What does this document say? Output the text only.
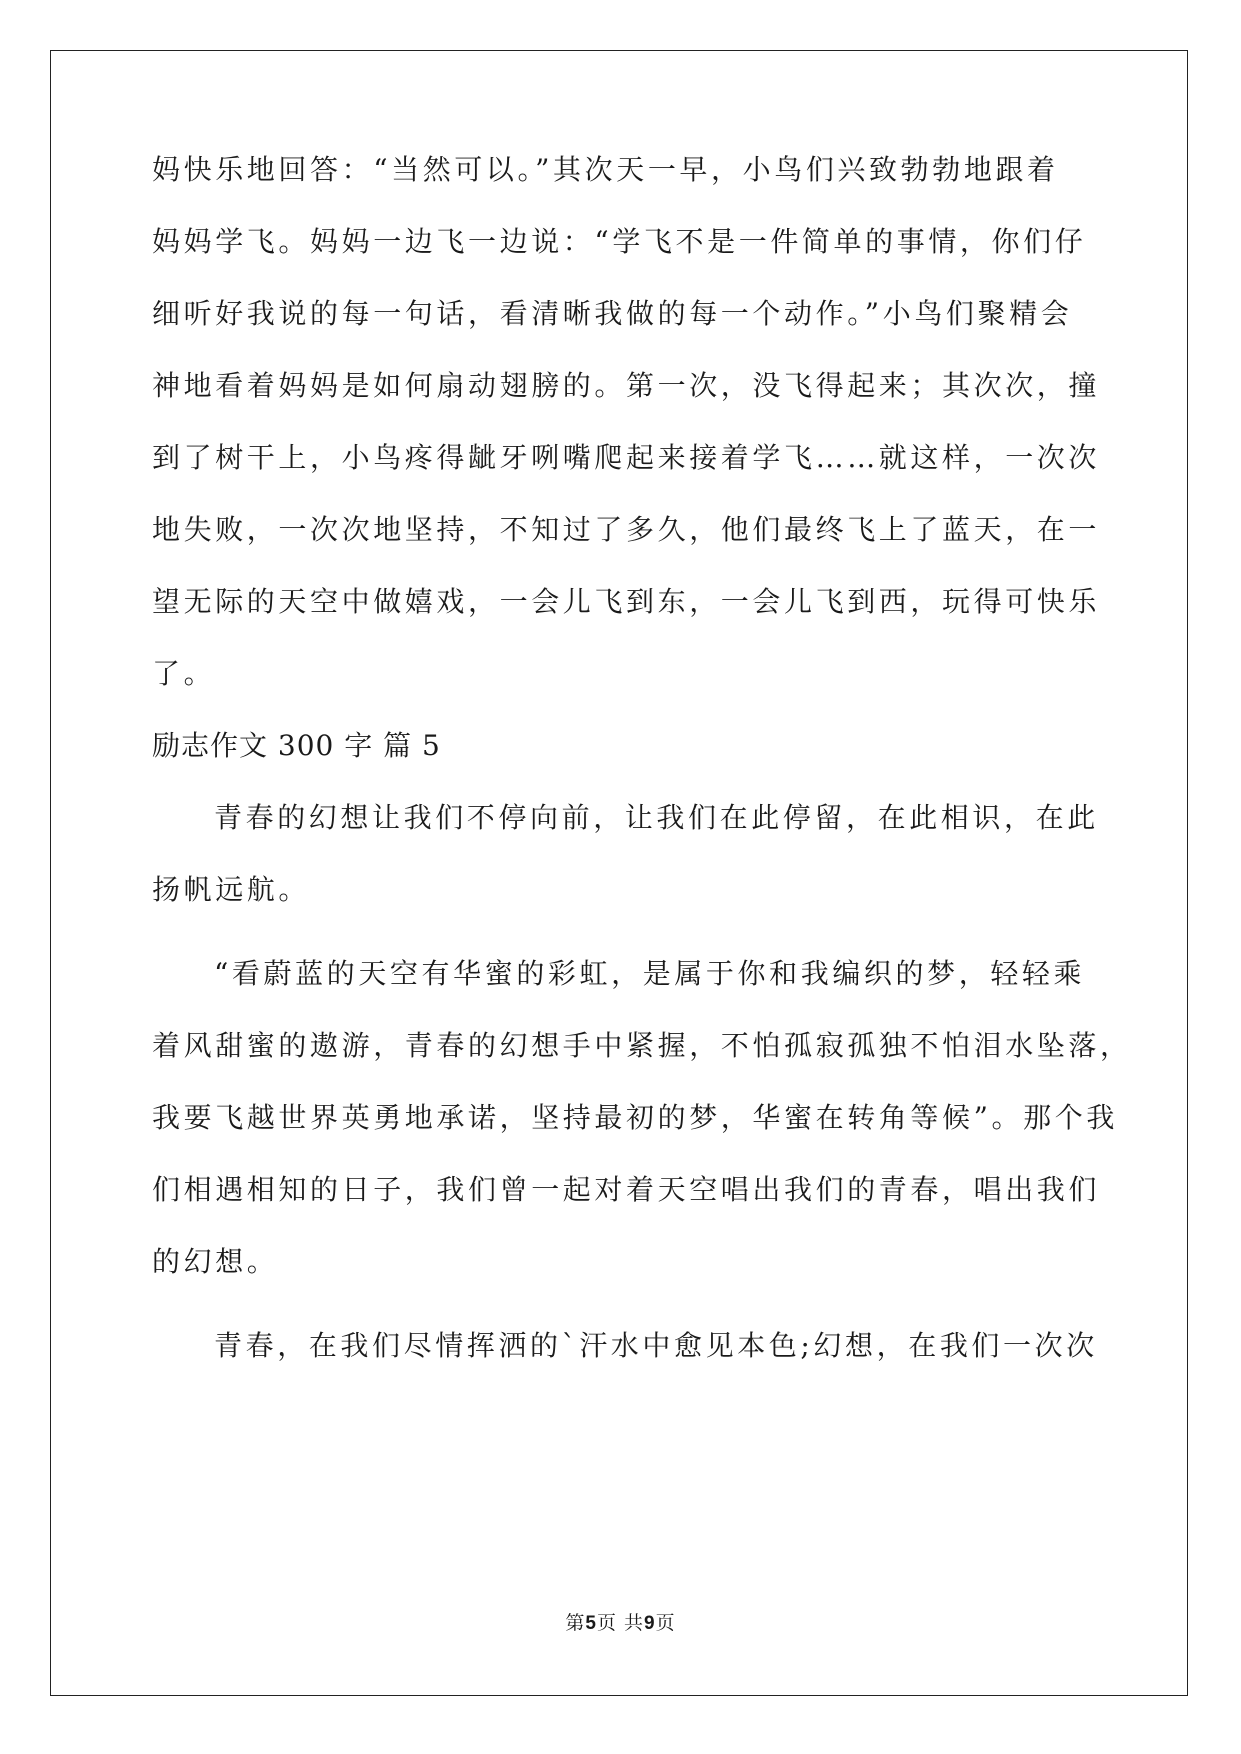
妈快乐地回答：“当然可以。”其次天一早，小鸟们兴致勃勃地跟着
妈妈学飞。妈妈一边飞一边说：“学飞不是一件简单的事情，你们仔
细听好我说的每一句话，看清晰我做的每一个动作。”小鸟们聚精会
神地看着妈妈是如何扇动翅膀的。第一次，没飞得起来；其次次，撞
到了树干上，小鸟疼得龇牙咧嘴爬起来接着学飞……就这样，一次次
地失败，一次次地坚持，不知过了多久，他们最终飞上了蓝天，在一
望无际的天空中做嬉戏，一会儿飞到东，一会儿飞到西，玩得可快乐
了。
励志作文 300 字 篇 5
青春的幻想让我们不停向前，让我们在此停留，在此相识，在此
扬帆远航。
“看蔚蓝的天空有华蜜的彩虹，是属于你和我编织的梦，轻轻乘
着风甜蜜的遨游，青春的幻想手中紧握，不怕孤寂孤独不怕泪水坠落，
我要飞越世界英勇地承诺，坚持最初的梦，华蜜在转角等候”。那个我
们相遇相知的日子，我们曾一起对着天空唱出我们的青春，唱出我们
的幻想。
青春，在我们尽情挥洒的`汗水中愈见本色;幻想，在我们一次次
第5页 共9页
